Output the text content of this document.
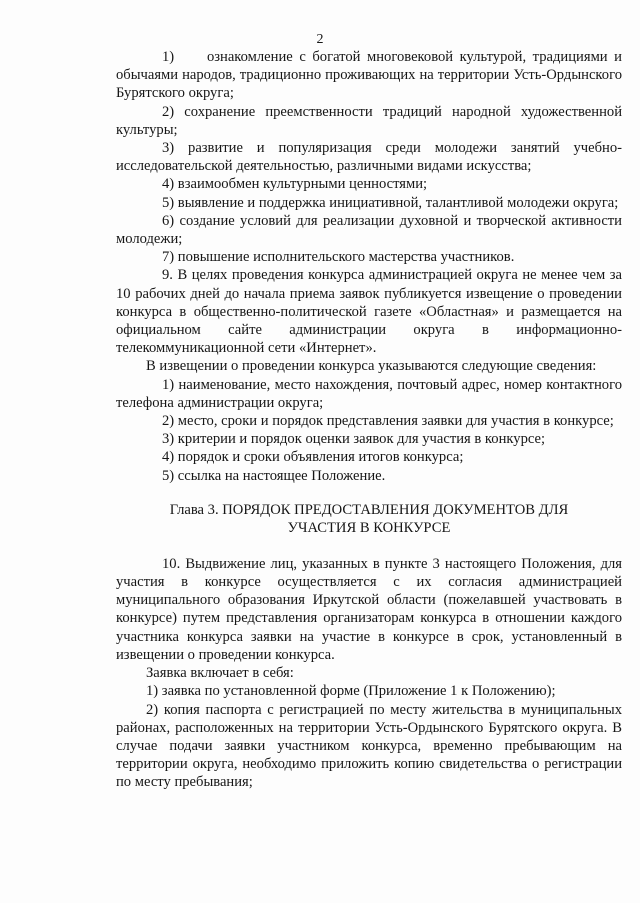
2

1)     ознакомление с богатой многовековой культурой, традициями и обычаями народов, традиционно проживающих на территории Усть-Ордынского Бурятского округа;

2) сохранение преемственности традиций народной художественной культуры;

3) развитие и популяризация среди молодежи занятий учебно-исследовательской деятельностью, различными видами искусства;

4) взаимообмен культурными ценностями;

5) выявление и поддержка инициативной, талантливой молодежи округа;

6) создание условий для реализации духовной и творческой активности молодежи;

7) повышение исполнительского мастерства участников.

9. В целях проведения конкурса администрацией округа не менее чем за 10 рабочих дней до начала приема заявок публикуется извещение о проведении конкурса в общественно-политической газете «Областная» и размещается на официальном сайте администрации округа в информационно-телекоммуникационной сети «Интернет».

В извещении о проведении конкурса указываются следующие сведения:

1) наименование, место нахождения, почтовый адрес, номер контактного телефона администрации округа;

2) место, сроки и порядок представления заявки для участия в конкурсе;

3) критерии и порядок оценки заявок для участия в конкурсе;

4) порядок и сроки объявления итогов конкурса;

5) ссылка на настоящее Положение.

Глава 3. ПОРЯДОК ПРЕДОСТАВЛЕНИЯ ДОКУМЕНТОВ ДЛЯ
УЧАСТИЯ В КОНКУРСЕ

10. Выдвижение лиц, указанных в пункте 3 настоящего Положения, для участия в конкурсе осуществляется с их согласия администрацией муниципального образования Иркутской области (пожелавшей участвовать в конкурсе) путем представления организаторам конкурса в отношении каждого участника конкурса заявки на участие в конкурсе в срок, установленный в извещении о проведении конкурса.

Заявка включает в себя:

1) заявка по установленной форме (Приложение 1 к Положению);

2) копия паспорта с регистрацией по месту жительства в муниципальных районах, расположенных на территории Усть-Ордынского Бурятского округа. В случае подачи заявки участником конкурса, временно пребывающим на территории округа, необходимо приложить копию свидетельства о регистрации по месту пребывания;
